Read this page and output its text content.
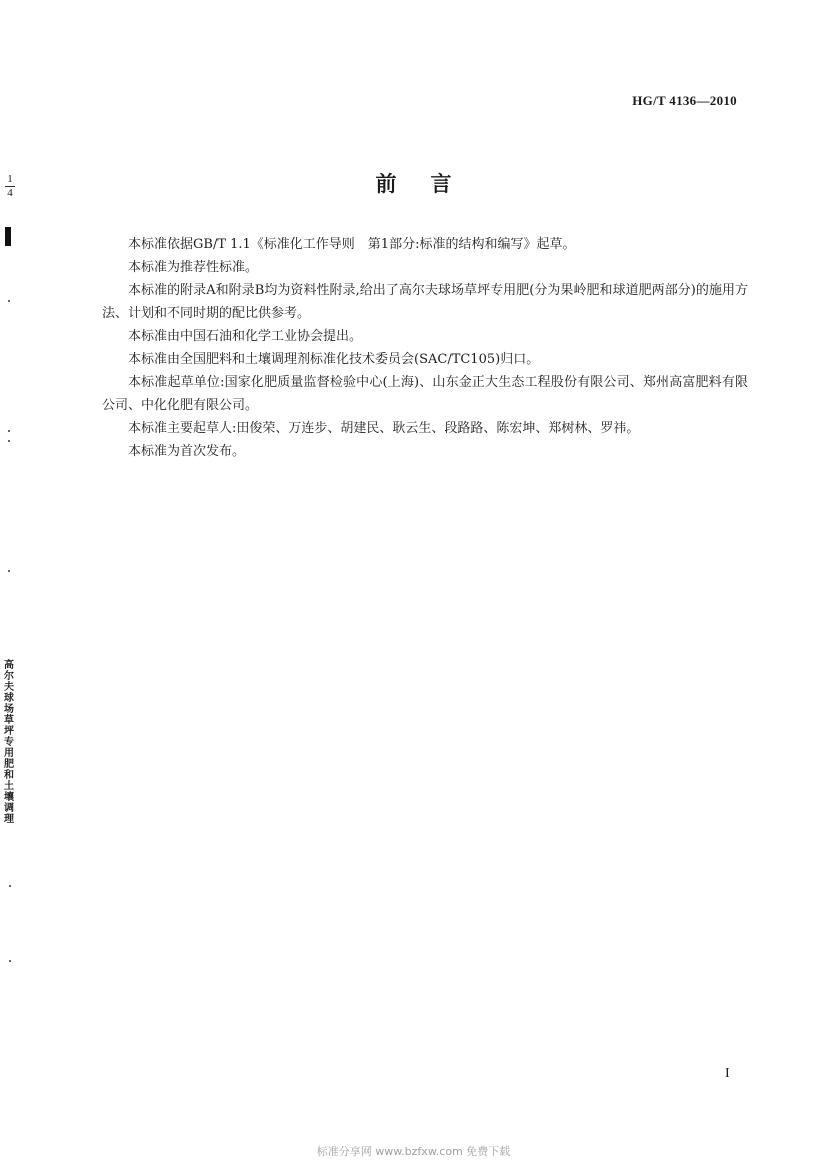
HG/T 4136—2010
$\frac{1}{4}$
高尔夫球场草坪专用肥和土壤调理
前言

本标准依据GB/T 1.1《标准化工作导则　第1部分:标准的结构和编写》起草。

本标准为推荐性标准。

本标准的附录A和附录B均为资料性附录,给出了高尔夫球场草坪专用肥(分为果岭肥和球道肥两部分)的施用方法、计划和不同时期的配比供参考。

本标准由中国石油和化学工业协会提出。

本标准由全国肥料和土壤调理剂标准化技术委员会(SAC/TC105)归口。

本标准起草单位:国家化肥质量监督检验中心(上海)、山东金正大生态工程股份有限公司、郑州高富肥料有限公司、中化化肥有限公司。

本标准主要起草人:田俊荣、万连步、胡建民、耿云生、段路路、陈宏坤、郑树林、罗祎。

本标准为首次发布。

I
标准分享网 www.bzfxw.com 免费下载
